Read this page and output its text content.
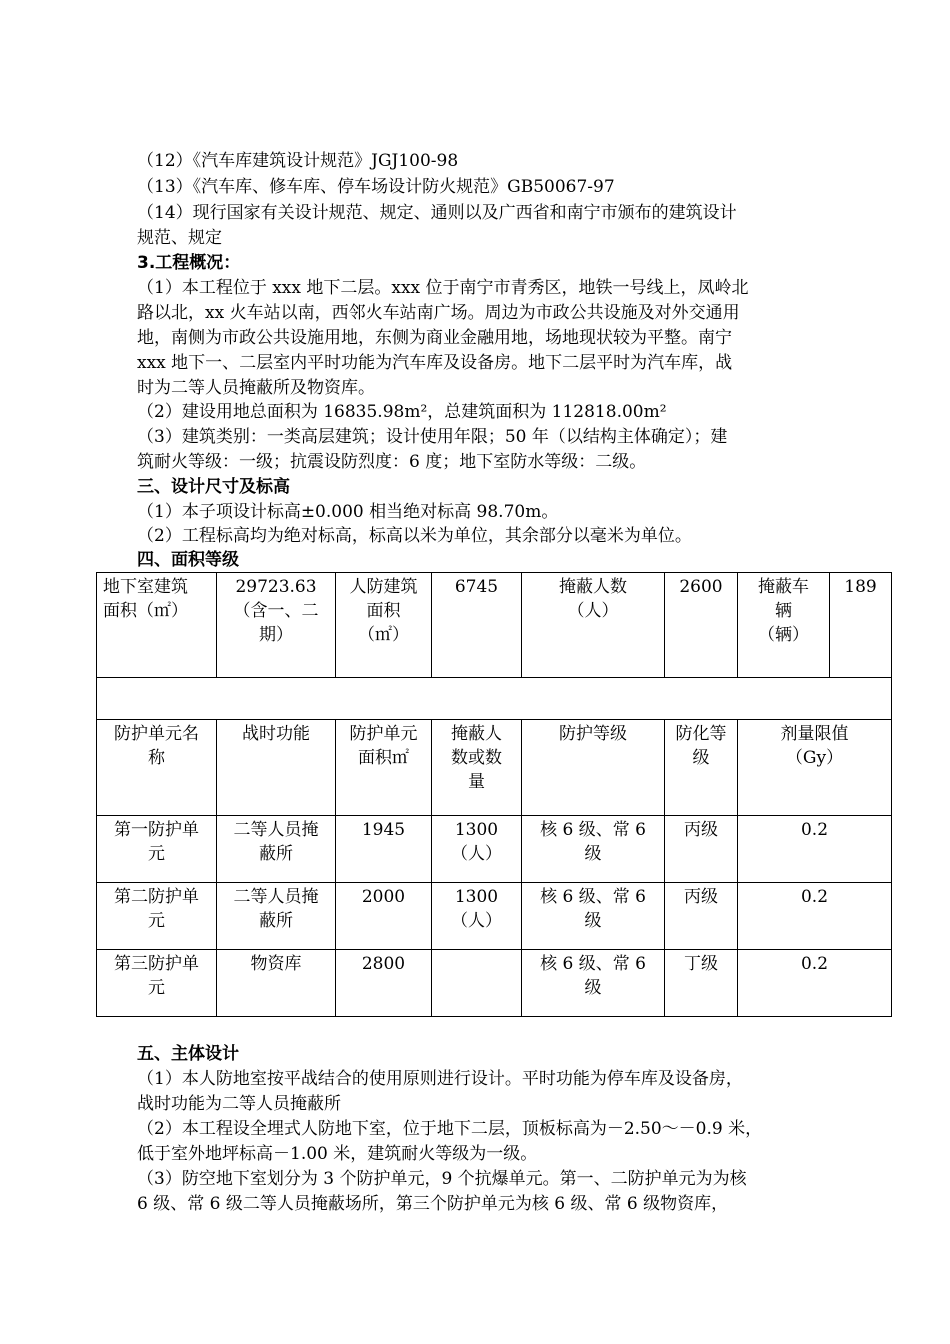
（12）《汽车库建筑设计规范》JGJ100-98
（13）《汽车库、修车库、停车场设计防火规范》GB50067-97
（14）现行国家有关设计规范、规定、通则以及广西省和南宁市颁布的建筑设计
规范、规定
3.工程概况：
（1）本工程位于 xxx 地下二层。xxx 位于南宁市青秀区，地铁一号线上，凤岭北
路以北，xx 火车站以南，西邻火车站南广场。周边为市政公共设施及对外交通用
地，南侧为市政公共设施用地，东侧为商业金融用地，场地现状较为平整。南宁
xxx 地下一、二层室内平时功能为汽车库及设备房。地下二层平时为汽车库，战
时为二等人员掩蔽所及物资库。
（2）建设用地总面积为 16835.98m²，总建筑面积为 112818.00m²
（3）建筑类别：一类高层建筑；设计使用年限；50 年（以结构主体确定）；建
筑耐火等级：一级；抗震设防烈度：6 度；地下室防水等级：二级。
三、设计尺寸及标高
（1）本子项设计标高±0.000 相当绝对标高 98.70m。
（2）工程标高均为绝对标高，标高以米为单位，其余部分以毫米为单位。
四、面积等级
地下室建筑
面积（㎡）	29723.63
（含一、二
期）	人防建筑
面积
（㎡）	6745	掩蔽人数
（人）	2600	掩蔽车
辆
（辆）	189

防护单元名
称	战时功能	防护单元
面积㎡	掩蔽人
数或数
量	防护等级	防化等
级	剂量限值
（Gy）	

第一防护单
元	二等人员掩
蔽所	1945	1300
（人）	核 6 级、常 6
级	丙级	0.2	

第二防护单
元	二等人员掩
蔽所	2000	1300
（人）	核 6 级、常 6
级	丙级	0.2	

第三防护单
元	物资库	2800		核 6 级、常 6
级	丁级	0.2	
五、主体设计
（1）本人防地室按平战结合的使用原则进行设计。平时功能为停车库及设备房，
战时功能为二等人员掩蔽所
（2）本工程设全埋式人防地下室，位于地下二层，顶板标高为－2.50～－0.9 米，
低于室外地坪标高－1.00 米，建筑耐火等级为一级。
（3）防空地下室划分为 3 个防护单元，9 个抗爆单元。第一、二防护单元为为核
6 级、常 6 级二等人员掩蔽场所，第三个防护单元为核 6 级、常 6 级物资库，
